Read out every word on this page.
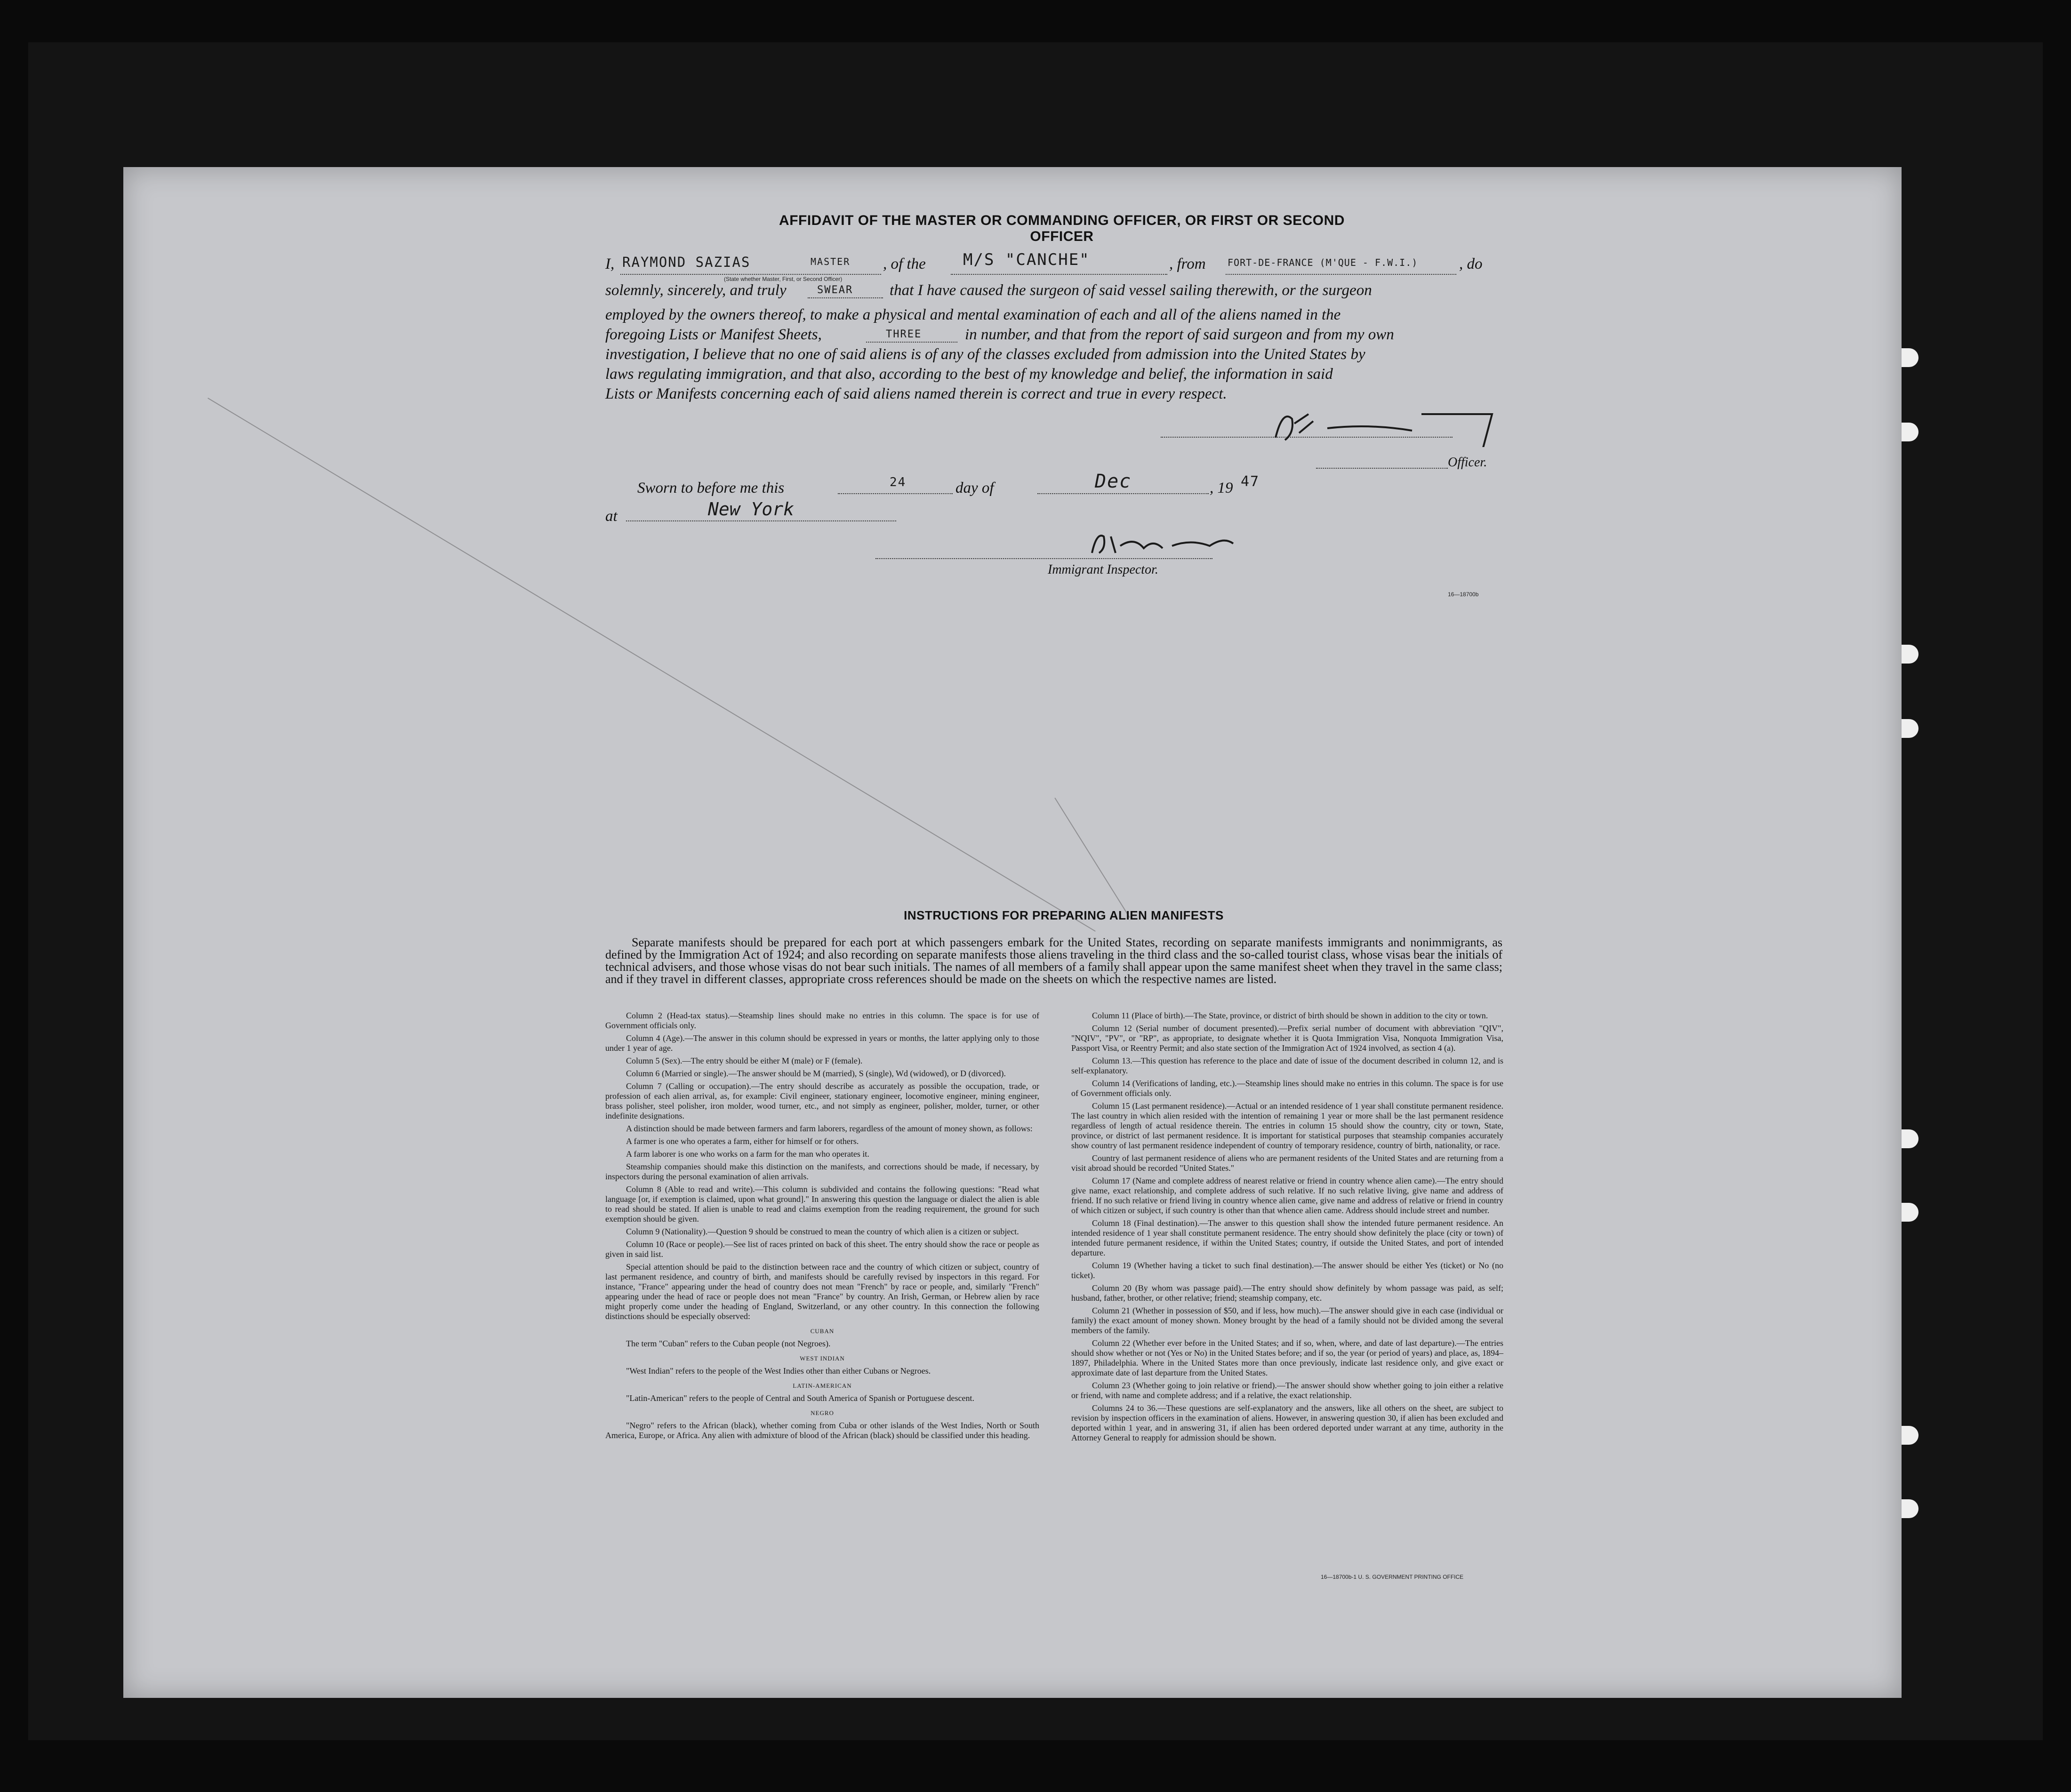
AFFIDAVIT OF THE MASTER OR COMMANDING OFFICER, OR FIRST OR SECOND OFFICER
I, RAYMOND SAZIAS	MASTER
(State whether Master, First, or Second Officer)
, of the M/S "CANCHE"	, from FORT-DE-FRANCE (M'QUE - F.W.I.)	, do
solemnly, sincerely, and truly	SWEAR that I have caused the surgeon of said vessel sailing therewith, or the surgeon
employed by the owners thereof, to make a physical and mental examination of each and all of the aliens named in the
foregoing Lists or Manifest Sheets,	THREE	in number, and that from the report of said surgeon and from my own
investigation, I believe that no one of said aliens is of any of the classes excluded from admission into the United States by
laws regulating immigration, and that also, according to the best of my knowledge and belief, the information in said
Lists or Manifests concerning each of said aliens named therein is correct and true in every respect.
Officer.
Sworn to before me this	24	day of	Dec	, 19 47
at	New York
Immigrant Inspector.
16—18700b
INSTRUCTIONS FOR PREPARING ALIEN MANIFESTS
Separate manifests should be prepared for each port at which passengers embark for the United States, recording on separate manifests immigrants and nonimmigrants, as defined by the Immigration Act of 1924; and also recording on separate manifests those aliens traveling in the third class and the so-called tourist class, whose visas bear the initials of technical advisers, and those whose visas do not bear such initials. The names of all members of a family shall appear upon the same manifest sheet when they travel in the same class; and if they travel in different classes, appropriate cross references should be made on the sheets on which the respective names are listed.

Column 2 (Head-tax status).—Steamship lines should make no entries in this column. The space is for use of Government officials only.

Column 4 (Age).—The answer in this column should be expressed in years or months, the latter applying only to those under 1 year of age.

Column 5 (Sex).—The entry should be either M (male) or F (female).

Column 6 (Married or single).—The answer should be M (married), S (single), Wd (widowed), or D (divorced).

Column 7 (Calling or occupation).—The entry should describe as accurately as possible the occupation, trade, or profession of each alien arrival, as, for example: Civil engineer, stationary engineer, locomotive engineer, mining engineer, brass polisher, steel polisher, iron molder, wood turner, etc., and not simply as engineer, polisher, molder, turner, or other indefinite designations.

A distinction should be made between farmers and farm laborers, regardless of the amount of money shown, as follows:

A farmer is one who operates a farm, either for himself or for others.

A farm laborer is one who works on a farm for the man who operates it.

Steamship companies should make this distinction on the manifests, and corrections should be made, if necessary, by inspectors during the personal examination of alien arrivals.

Column 8 (Able to read and write).—This column is subdivided and contains the following questions: "Read what language [or, if exemption is claimed, upon what ground]." In answering this question the language or dialect the alien is able to read should be stated. If alien is unable to read and claims exemption from the reading requirement, the ground for such exemption should be given.

Column 9 (Nationality).—Question 9 should be construed to mean the country of which alien is a citizen or subject.

Column 10 (Race or people).—See list of races printed on back of this sheet. The entry should show the race or people as given in said list.

Special attention should be paid to the distinction between race and the country of which citizen or subject, country of last permanent residence, and country of birth, and manifests should be carefully revised by inspectors in this regard. For instance, "France" appearing under the head of country does not mean "French" by race or people, and, similarly "French" appearing under the head of race or people does not mean "France" by country. An Irish, German, or Hebrew alien by race might properly come under the heading of England, Switzerland, or any other country. In this connection the following distinctions should be especially observed:

CUBAN

The term "Cuban" refers to the Cuban people (not Negroes).

WEST INDIAN

"West Indian" refers to the people of the West Indies other than either Cubans or Negroes.

LATIN-AMERICAN

"Latin-American" refers to the people of Central and South America of Spanish or Portuguese descent.

NEGRO

"Negro" refers to the African (black), whether coming from Cuba or other islands of the West Indies, North or South America, Europe, or Africa. Any alien with admixture of blood of the African (black) should be classified under this heading.

Column 11 (Place of birth).—The State, province, or district of birth should be shown in addition to the city or town.

Column 12 (Serial number of document presented).—Prefix serial number of document with abbreviation "QIV", "NQIV", "PV", or "RP", as appropriate, to designate whether it is Quota Immigration Visa, Nonquota Immigration Visa, Passport Visa, or Reentry Permit; and also state section of the Immigration Act of 1924 involved, as section 4 (a).

Column 13.—This question has reference to the place and date of issue of the document described in column 12, and is self-explanatory.

Column 14 (Verifications of landing, etc.).—Steamship lines should make no entries in this column. The space is for use of Government officials only.

Column 15 (Last permanent residence).—Actual or an intended residence of 1 year shall constitute permanent residence. The last country in which alien resided with the intention of remaining 1 year or more shall be the last permanent residence regardless of length of actual residence therein. The entries in column 15 should show the country, city or town, State, province, or district of last permanent residence. It is important for statistical purposes that steamship companies accurately show country of last permanent residence independent of country of temporary residence, country of birth, nationality, or race.

Country of last permanent residence of aliens who are permanent residents of the United States and are returning from a visit abroad should be recorded "United States."

Column 17 (Name and complete address of nearest relative or friend in country whence alien came).—The entry should give name, exact relationship, and complete address of such relative. If no such relative living, give name and address of friend. If no such relative or friend living in country whence alien came, give name and address of relative or friend in country of which citizen or subject, if such country is other than that whence alien came. Address should include street and number.

Column 18 (Final destination).—The answer to this question shall show the intended future permanent residence. An intended residence of 1 year shall constitute permanent residence. The entry should show definitely the place (city or town) of intended future permanent residence, if within the United States; country, if outside the United States, and port of intended departure.

Column 19 (Whether having a ticket to such final destination).—The answer should be either Yes (ticket) or No (no ticket).

Column 20 (By whom was passage paid).—The entry should show definitely by whom passage was paid, as self; husband, father, brother, or other relative; friend; steamship company, etc.

Column 21 (Whether in possession of $50, and if less, how much).—The answer should give in each case (individual or family) the exact amount of money shown. Money brought by the head of a family should not be divided among the several members of the family.

Column 22 (Whether ever before in the United States; and if so, when, where, and date of last departure).—The entries should show whether or not (Yes or No) in the United States before; and if so, the year (or period of years) and place, as, 1894–1897, Philadelphia. Where in the United States more than once previously, indicate last residence only, and give exact or approximate date of last departure from the United States.

Column 23 (Whether going to join relative or friend).—The answer should show whether going to join either a relative or friend, with name and complete address; and if a relative, the exact relationship.

Columns 24 to 36.—These questions are self-explanatory and the answers, like all others on the sheet, are subject to revision by inspection officers in the examination of aliens. However, in answering question 30, if alien has been excluded and deported within 1 year, and in answering 31, if alien has been ordered deported under warrant at any time, authority in the Attorney General to reapply for admission should be shown.

16—18700b-1 U. S. GOVERNMENT PRINTING OFFICE
